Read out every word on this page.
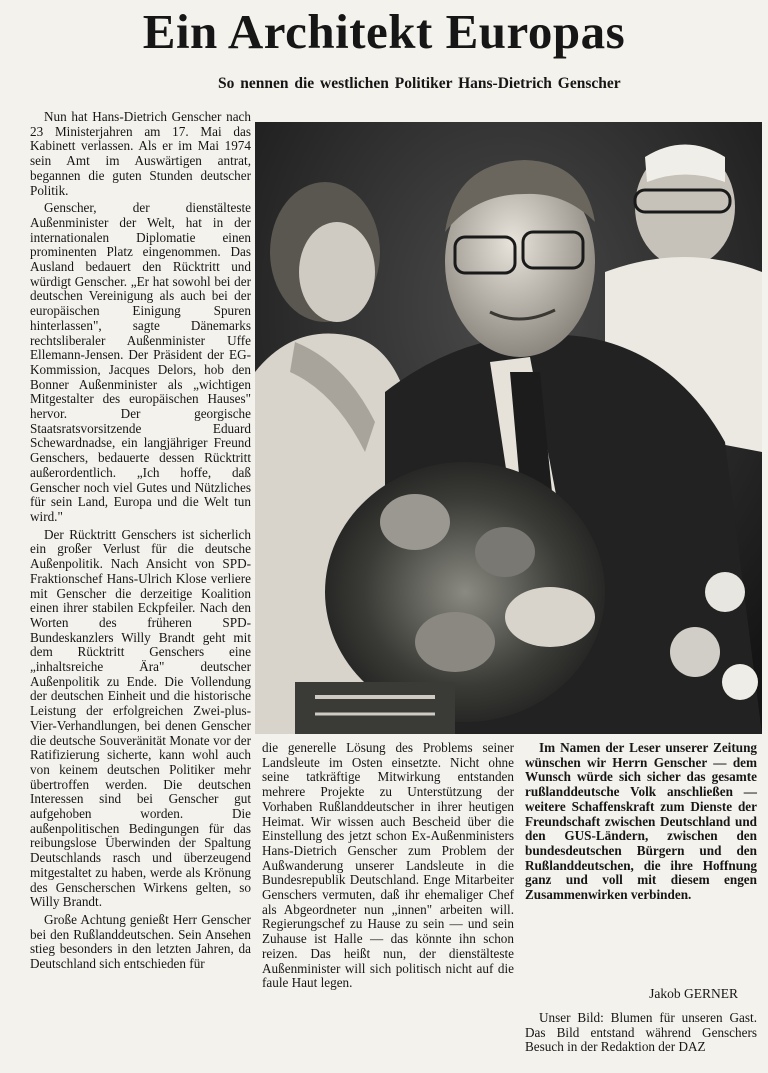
Ein Architekt Europas
So nennen die westlichen Politiker Hans-Dietrich Genscher

Nun hat Hans-Dietrich Genscher nach 23 Ministerjahren am 17. Mai das Kabinett verlassen. Als er im Mai 1974 sein Amt im Auswärtigen antrat, begannen die guten Stunden deutscher Politik.

Genscher, der dienstälteste Außenminister der Welt, hat in der internationalen Diplomatie einen prominenten Platz eingenommen. Das Ausland bedauert den Rücktritt und würdigt Genscher. „Er hat sowohl bei der deutschen Vereinigung als auch bei der europäischen Einigung Spuren hinterlassen", sagte Dänemarks rechtsliberaler Außenminister Uffe Ellemann-Jensen. Der Präsident der EG-Kommission, Jacques Delors, hob den Bonner Außenminister als „wichtigen Mitgestalter des europäischen Hauses" hervor. Der georgische Staatsratsvorsitzende Eduard Schewardnadse, ein langjähriger Freund Genschers, bedauerte dessen Rücktritt außerordentlich. „Ich hoffe, daß Genscher noch viel Gutes und Nützliches für sein Land, Europa und die Welt tun wird."

Der Rücktritt Genschers ist sicherlich ein großer Verlust für die deutsche Außenpolitik. Nach Ansicht von SPD-Fraktionschef Hans-Ulrich Klose verliere mit Genscher die derzeitige Koalition einen ihrer stabilen Eckpfeiler. Nach den Worten des früheren SPD-Bundeskanzlers Willy Brandt geht mit dem Rücktritt Genschers eine „inhaltsreiche Ära" deutscher Außenpolitik zu Ende. Die Vollendung der deutschen Einheit und die historische Leistung der erfolgreichen Zwei-plus-Vier-Verhandlungen, bei denen Genscher die deutsche Souveränität Monate vor der Ratifizierung sicherte, kann wohl auch von keinem deutschen Politiker mehr übertroffen werden. Die deutschen Interessen sind bei Genscher gut aufgehoben worden. Die außenpolitischen Bedingungen für das reibungslose Überwinden der Spaltung Deutschlands rasch und überzeugend mitgestaltet zu haben, werde als Krönung des Genscherschen Wirkens gelten, so Willy Brandt.

Große Achtung genießt Herr Genscher bei den Rußlanddeutschen. Sein Ansehen stieg besonders in den letzten Jahren, da Deutschland sich entschieden für

die generelle Lösung des Problems seiner Landsleute im Osten einsetzte. Nicht ohne seine tatkräftige Mitwirkung entstanden mehrere Projekte zu Unterstützung der Vorhaben Rußlanddeutscher in ihrer heutigen Heimat. Wir wissen auch Bescheid über die Einstellung des jetzt schon Ex-Außenministers Hans-Dietrich Genscher zum Problem der Außwanderung unserer Landsleute in die Bundesrepublik Deutschland. Enge Mitarbeiter Genschers vermuten, daß ihr ehemaliger Chef als Abgeordneter nun „innen" arbeiten will. Regierungschef zu Hause zu sein — und sein Zuhause ist Halle — das könnte ihn schon reizen. Das heißt nun, der dienstälteste Außenminister will sich politisch nicht auf die faule Haut legen.

Im Namen der Leser unserer Zeitung wünschen wir Herrn Genscher — dem Wunsch würde sich sicher das gesamte rußlanddeutsche Volk anschließen — weitere Schaffenskraft zum Dienste der Freundschaft zwischen Deutschland und den GUS-Ländern, zwischen den bundesdeutschen Bürgern und den Rußlanddeutschen, die ihre Hoffnung ganz und voll mit diesem engen Zusammenwirken verbinden.

Jakob GERNER

Unser Bild: Blumen für unseren Gast. Das Bild entstand während Genschers Besuch in der Redaktion der DAZ
